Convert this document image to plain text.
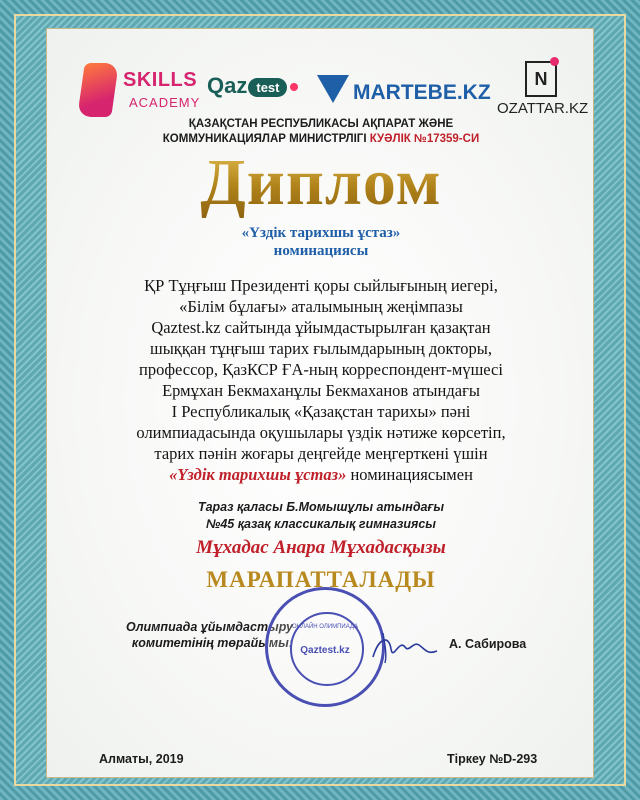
SKILLS
ACADEMY
Qaz test	MARTEBE.KZ
N
OZATTAR.KZ
ҚАЗАҚСТАН РЕСПУБЛИКАСЫ АҚПАРАТ ЖӘНЕ
КОММУНИКАЦИЯЛАР МИНИСТРЛІГІ КУӘЛІК №17359-СИ
Диплом
«Үздік тарихшы ұстаз»
номинациясы
ҚР Тұңғыш Президенті қоры сыйлығының иегері,
«Білім бұлағы» аталымының жеңімпазы
Qaztest.kz сайтында ұйымдастырылған қазақтан
шыққан тұңғыш тарих ғылымдарының докторы,
профессор, ҚазКСР ҒА-ның корреспондент-мүшесі
Ермұхан Бекмаханұлы Бекмаханов атындағы
І Республикалық «Қазақстан тарихы» пәні
олимпиадасында оқушылары үздік нәтиже көрсетіп,
тарих пәнін жоғары деңгейде меңгерткені үшін
«Үздік тарихшы ұстаз» номинациясымен
Тараз қаласы Б.Момышұлы атындағы
№45 қазақ классикалық гимназиясы
Мұхадас Анара Мұхадасқызы
МАРАПАТТАЛАДЫ
Олимпиада ұйымдастыру
комитетінің төрайымы:
ОНЛАЙН ОЛИМПИАДА
Qaztest.kz	А. Сабирова
Алматы, 2019	Тіркеу №D-293
